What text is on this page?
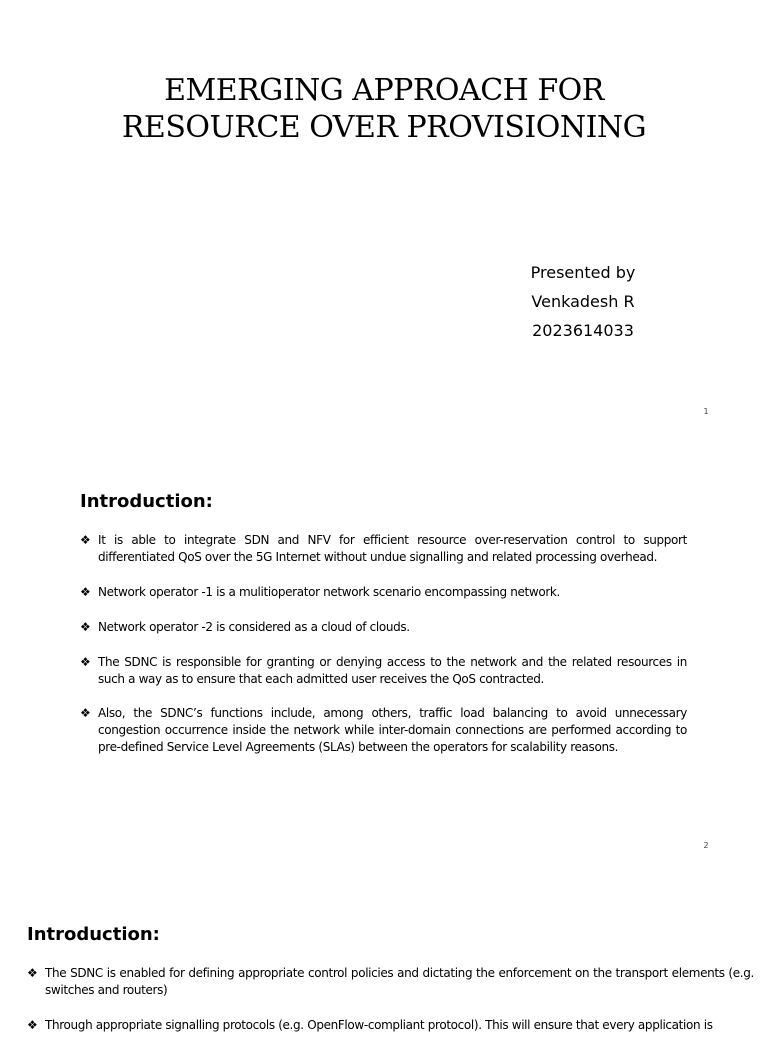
EMERGING APPROACH FOR
RESOURCE OVER PROVISIONING
Presented by
Venkadesh R
2023614033
1
Introduction:
❖ It is able to integrate SDN and NFV for efficient resource over-reservation control to support differentiated QoS over the 5G Internet without undue signalling and related processing overhead.
❖ Network operator -1 is a mulitioperator network scenario encompassing network.
❖ Network operator -2 is considered as a cloud of clouds.
❖ The SDNC is responsible for granting or denying access to the network and the related resources in such a way as to ensure that each admitted user receives the QoS contracted.
❖ Also, the SDNC’s functions include, among others, traffic load balancing to avoid unnecessary congestion occurrence inside the network while inter-domain connections are performed according to pre-defined Service Level Agreements (SLAs) between the operators for scalability reasons.
2
Introduction:
❖ The SDNC is enabled for defining appropriate control policies and dictating the enforcement on the transport elements (e.g. switches and routers)
❖ Through appropriate signalling protocols (e.g. OpenFlow-compliant protocol). This will ensure that every application is
